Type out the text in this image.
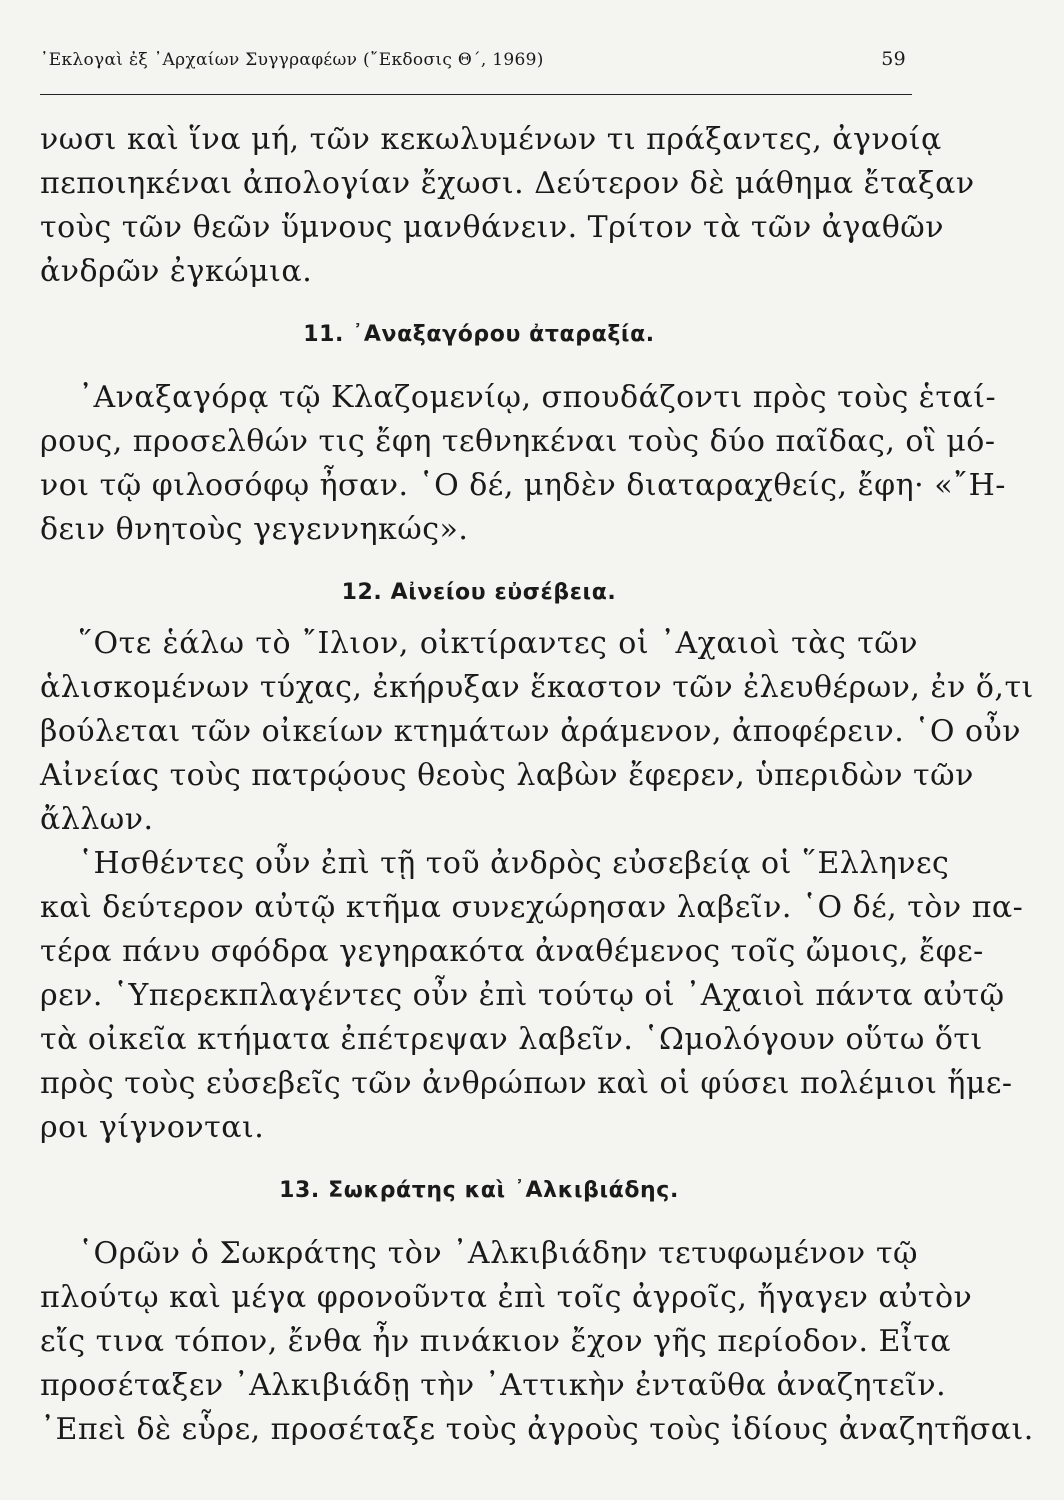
᾿Εκλογαὶ ἐξ ᾿Αρχαίων Συγγραφέων (῎Εκδοσις Θ΄, 1969)	59
νωσι καὶ ἵνα μή, τῶν κεκωλυμένων τι πράξαντες, ἀγνοίᾳ
πεποιηκέναι ἀπολογίαν ἔχωσι. Δεύτερον δὲ μάθημα ἔταξαν
τοὺς τῶν θεῶν ὕμνους μανθάνειν. Τρίτον τὰ τῶν ἀγαθῶν
ἀνδρῶν ἐγκώμια.
11. ᾿Αναξαγόρου ἀταραξία.
᾿Αναξαγόρᾳ τῷ Κλαζομενίῳ, σπουδάζοντι πρὸς τοὺς ἑταί-
ρους, προσελθών τις ἔφη τεθνηκέναι τοὺς δύο παῖδας, οἳ μό-
νοι τῷ φιλοσόφῳ ἦσαν. ῾Ο δέ, μηδὲν διαταραχθείς, ἔφη· «῎Η-
δειν θνητοὺς γεγεννηκώς».
12. Αἰνείου εὐσέβεια.
῞Οτε ἑάλω τὸ ῎Ιλιον, οἰκτίραντες οἱ ᾿Αχαιοὶ τὰς τῶν
ἁλισκομένων τύχας, ἐκήρυξαν ἕκαστον τῶν ἐλευθέρων, ἐν ὅ,τι
βούλεται τῶν οἰκείων κτημάτων ἀράμενον, ἀποφέρειν. ῾Ο οὖν
Αἰνείας τοὺς πατρῴους θεοὺς λαβὼν ἔφερεν, ὑπεριδὼν τῶν
ἄλλων.
῾Ησθέντες οὖν ἐπὶ τῇ τοῦ ἀνδρὸς εὐσεβείᾳ οἱ ῞Ελληνες
καὶ δεύτερον αὐτῷ κτῆμα συνεχώρησαν λαβεῖν. ῾Ο δέ, τὸν πα-
τέρα πάνυ σφόδρα γεγηρακότα ἀναθέμενος τοῖς ὤμοις, ἔφε-
ρεν. ῾Υπερεκπλαγέντες οὖν ἐπὶ τούτῳ οἱ ᾿Αχαιοὶ πάντα αὐτῷ
τὰ οἰκεῖα κτήματα ἐπέτρεψαν λαβεῖν. ῾Ωμολόγουν οὕτω ὅτι
πρὸς τοὺς εὐσεβεῖς τῶν ἀνθρώπων καὶ οἱ φύσει πολέμιοι ἥμε-
ροι γίγνονται.
13. Σωκράτης καὶ ᾿Αλκιβιάδης.
῾Ορῶν ὁ Σωκράτης τὸν ᾿Αλκιβιάδην τετυφωμένον τῷ
πλούτῳ καὶ μέγα φρονοῦντα ἐπὶ τοῖς ἀγροῖς, ἤγαγεν αὐτὸν
εἴς τινα τόπον, ἔνθα ἦν πινάκιον ἔχον γῆς περίοδον. Εἶτα
προσέταξεν ᾿Αλκιβιάδῃ τὴν ᾿Αττικὴν ἐνταῦθα ἀναζητεῖν.
᾿Επεὶ δὲ εὗρε, προσέταξε τοὺς ἀγροὺς τοὺς ἰδίους ἀναζητῆσαι.
